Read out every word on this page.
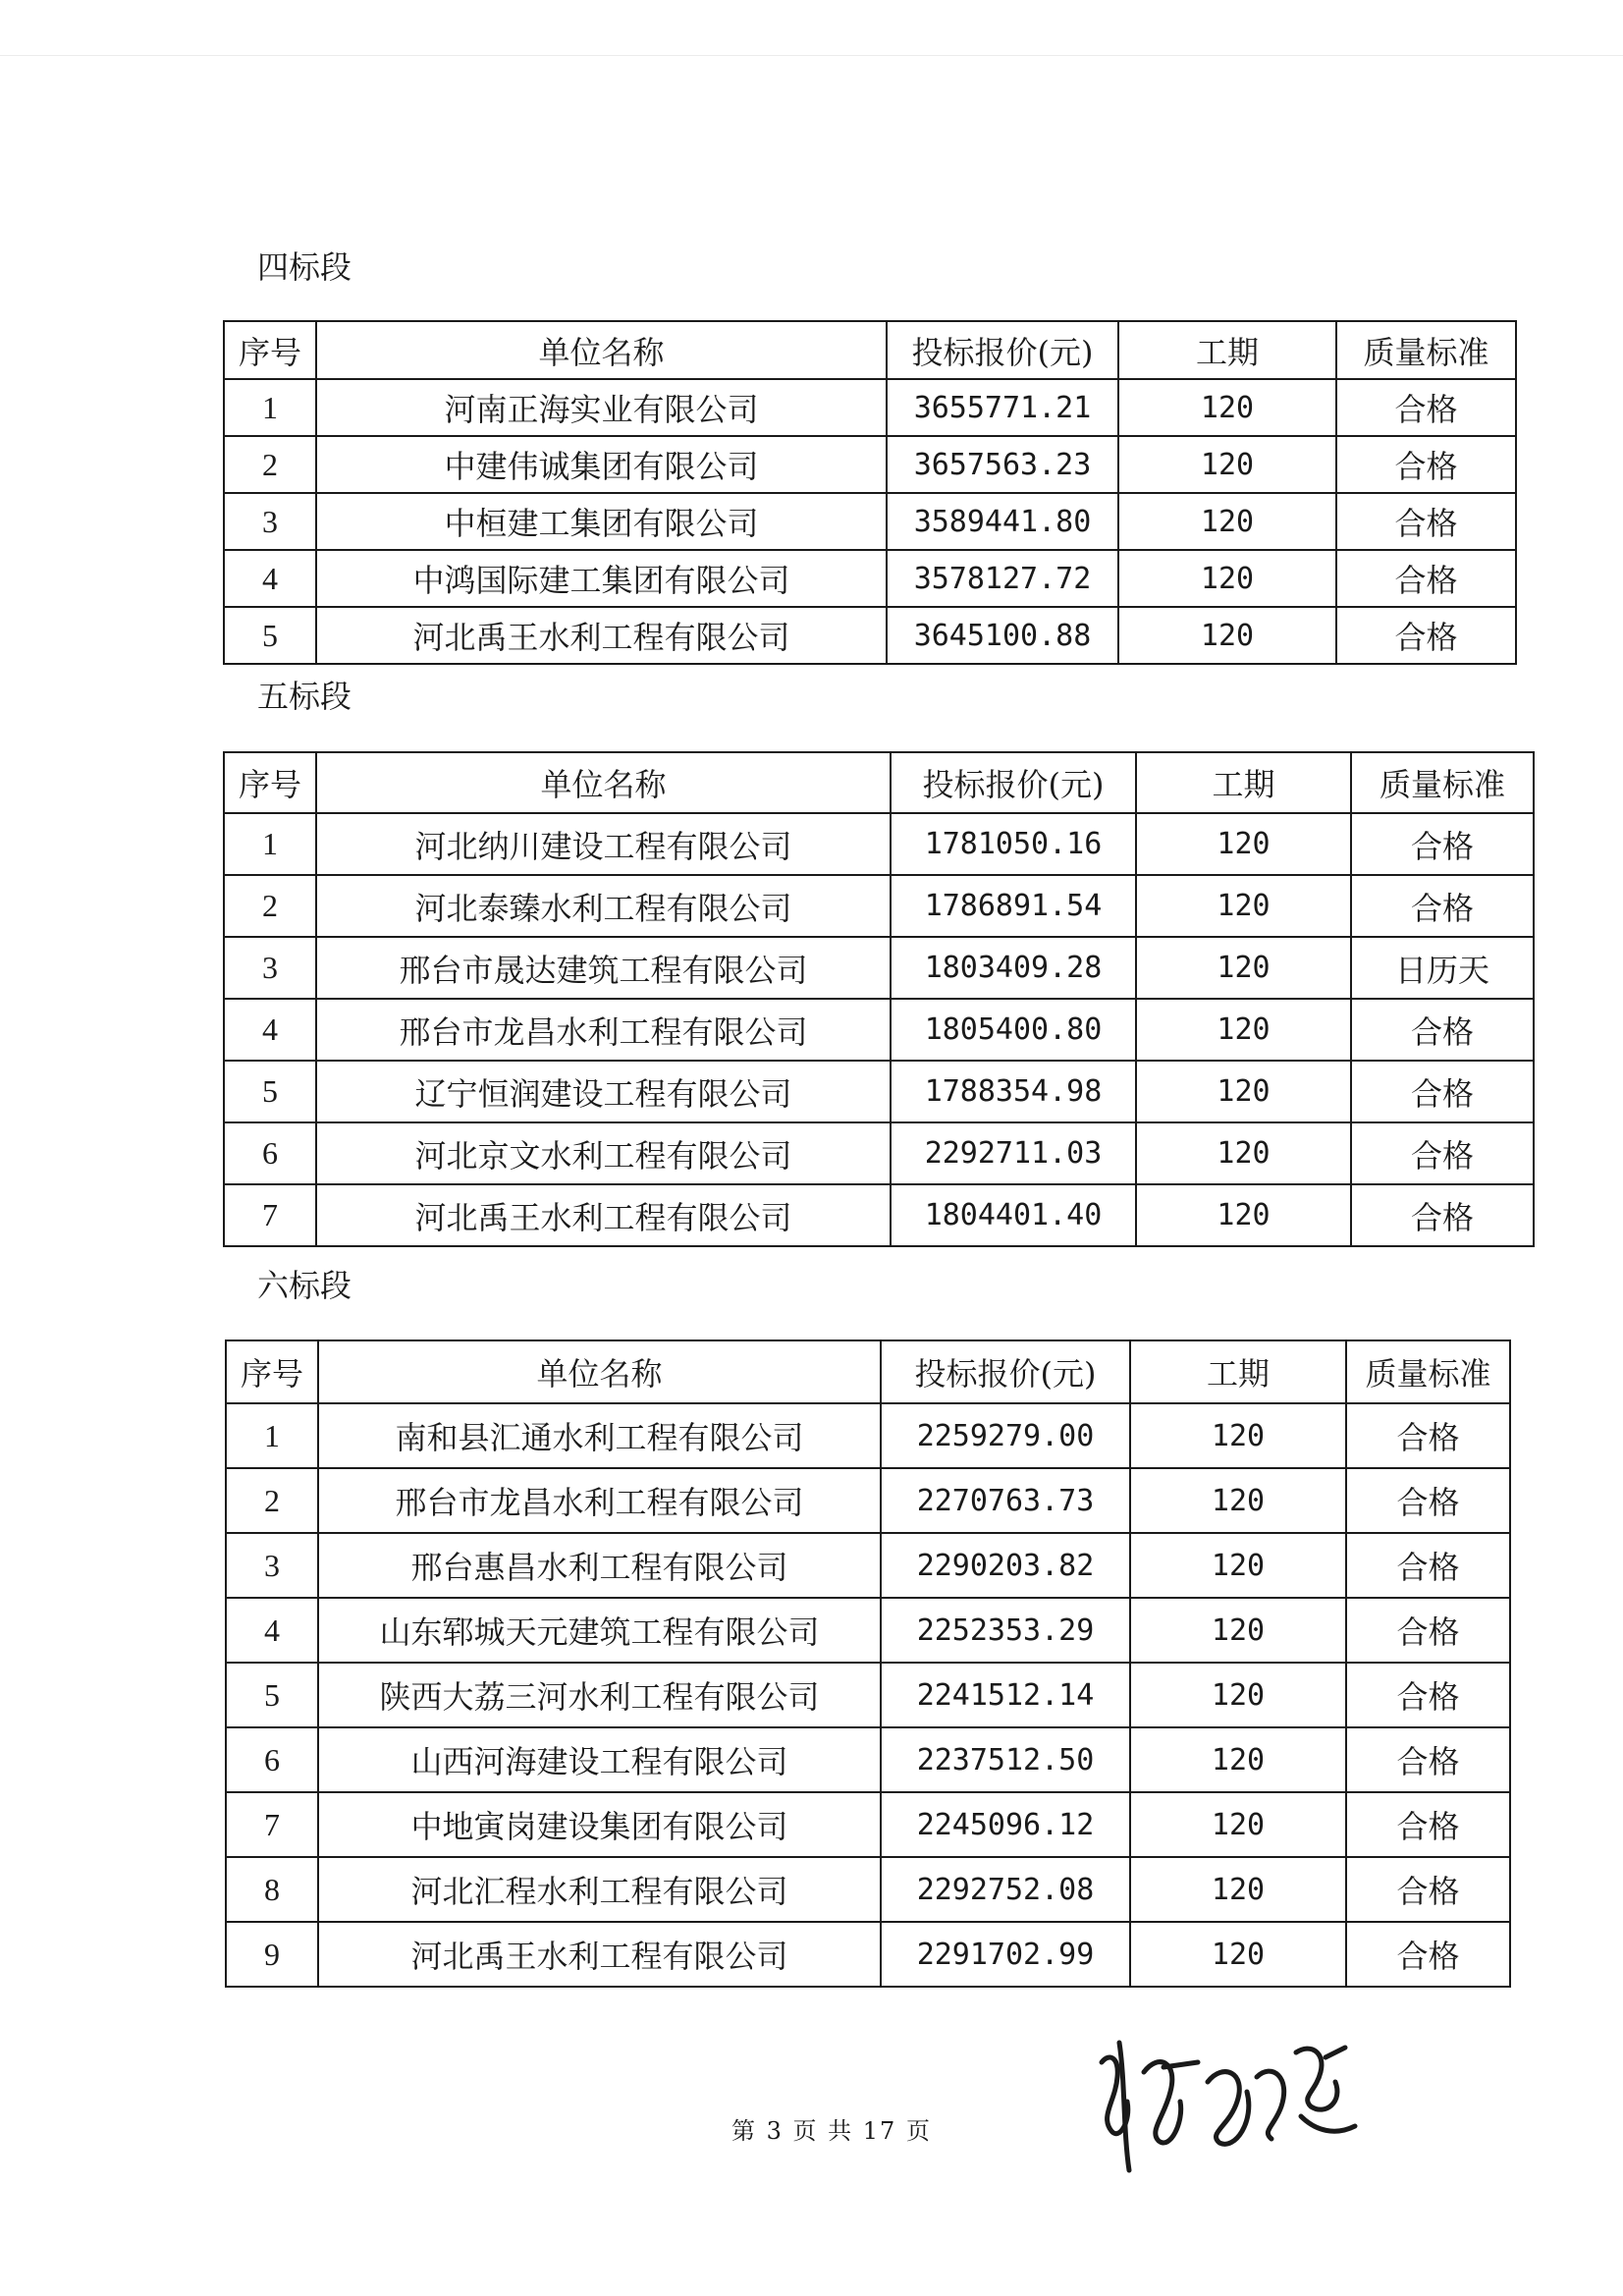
四标段
序号	单位名称	投标报价(元)	工期	质量标准
1	河南正海实业有限公司	3655771.21	120	合格
2	中建伟诚集团有限公司	3657563.23	120	合格
3	中桓建工集团有限公司	3589441.80	120	合格
4	中鸿国际建工集团有限公司	3578127.72	120	合格
5	河北禹王水利工程有限公司	3645100.88	120	合格
五标段
序号	单位名称	投标报价(元)	工期	质量标准
1	河北纳川建设工程有限公司	1781050.16	120	合格
2	河北泰臻水利工程有限公司	1786891.54	120	合格
3	邢台市晟达建筑工程有限公司	1803409.28	120	日历天
4	邢台市龙昌水利工程有限公司	1805400.80	120	合格
5	辽宁恒润建设工程有限公司	1788354.98	120	合格
6	河北京文水利工程有限公司	2292711.03	120	合格
7	河北禹王水利工程有限公司	1804401.40	120	合格
六标段
序号	单位名称	投标报价(元)	工期	质量标准
1	南和县汇通水利工程有限公司	2259279.00	120	合格
2	邢台市龙昌水利工程有限公司	2270763.73	120	合格
3	邢台惠昌水利工程有限公司	2290203.82	120	合格
4	山东郓城天元建筑工程有限公司	2252353.29	120	合格
5	陕西大荔三河水利工程有限公司	2241512.14	120	合格
6	山西河海建设工程有限公司	2237512.50	120	合格
7	中地寅岗建设集团有限公司	2245096.12	120	合格
8	河北汇程水利工程有限公司	2292752.08	120	合格
9	河北禹王水利工程有限公司	2291702.99	120	合格
第 3 页 共 17 页
